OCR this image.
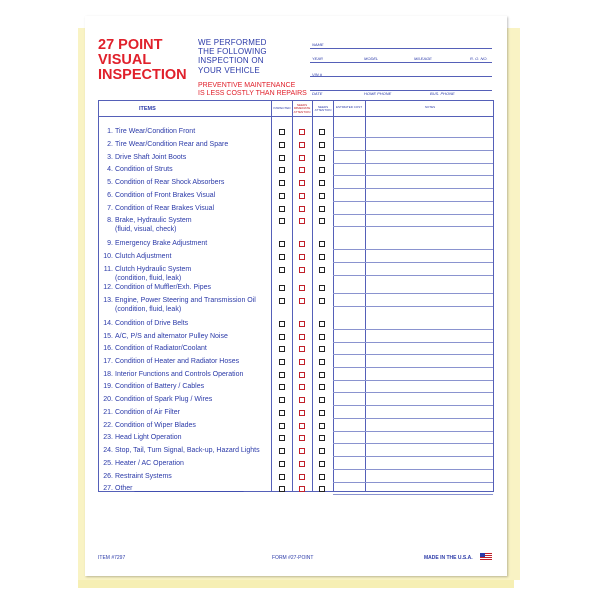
27 POINT
VISUAL
INSPECTION
WE PERFORMED
THE FOLLOWING
INSPECTION ON
YOUR VEHICLE
PREVENTIVE MAINTENANCE
IS LESS COSTLY THAN REPAIRS
NAME
YEAR	MODEL	MILEAGE	R. O. NO.
VIN #
DATE	HOME PHONE	BUS. PHONE
ITEMS	INSPECTED
NEEDS IMMEDIATE ATTENTION
NEEDS ATTENTION
ESTIMATED COST	NOTES
1. Tire Wear/Condition Front
2. Tire Wear/Condition Rear and Spare
3. Drive Shaft Joint Boots
4. Condition of Struts
5. Condition of Rear Shock Absorbers
6. Condition of Front Brakes Visual
7. Condition of Rear Brakes Visual
8. Brake, Hydraulic System
(fluid, visual, check)
9. Emergency Brake Adjustment
10. Clutch Adjustment
11. Clutch Hydraulic System
(condition, fluid, leak)
12. Condition of Muffler/Exh. Pipes
13. Engine, Power Steering and Transmission Oil
(condition, fluid, leak)
14. Condition of Drive Belts
15. A/C, P/S and alternator Pulley Noise
16. Condition of Radiator/Coolant
17. Condition of Heater and Radiator Hoses
18. Interior Functions and Controls Operation
19. Condition of Battery / Cables
20. Condition of Spark Plug / Wires
21. Condition of Air Filter
22. Condition of Wiper Blades
23. Head Light Operation
24. Stop, Tail, Turn Signal, Back-up, Hazard Lights
25. Heater / AC Operation
26. Restraint Systems
27. Other ____________________________
ITEM #7297	FORM #27-POINT	MADE IN THE U.S.A.
